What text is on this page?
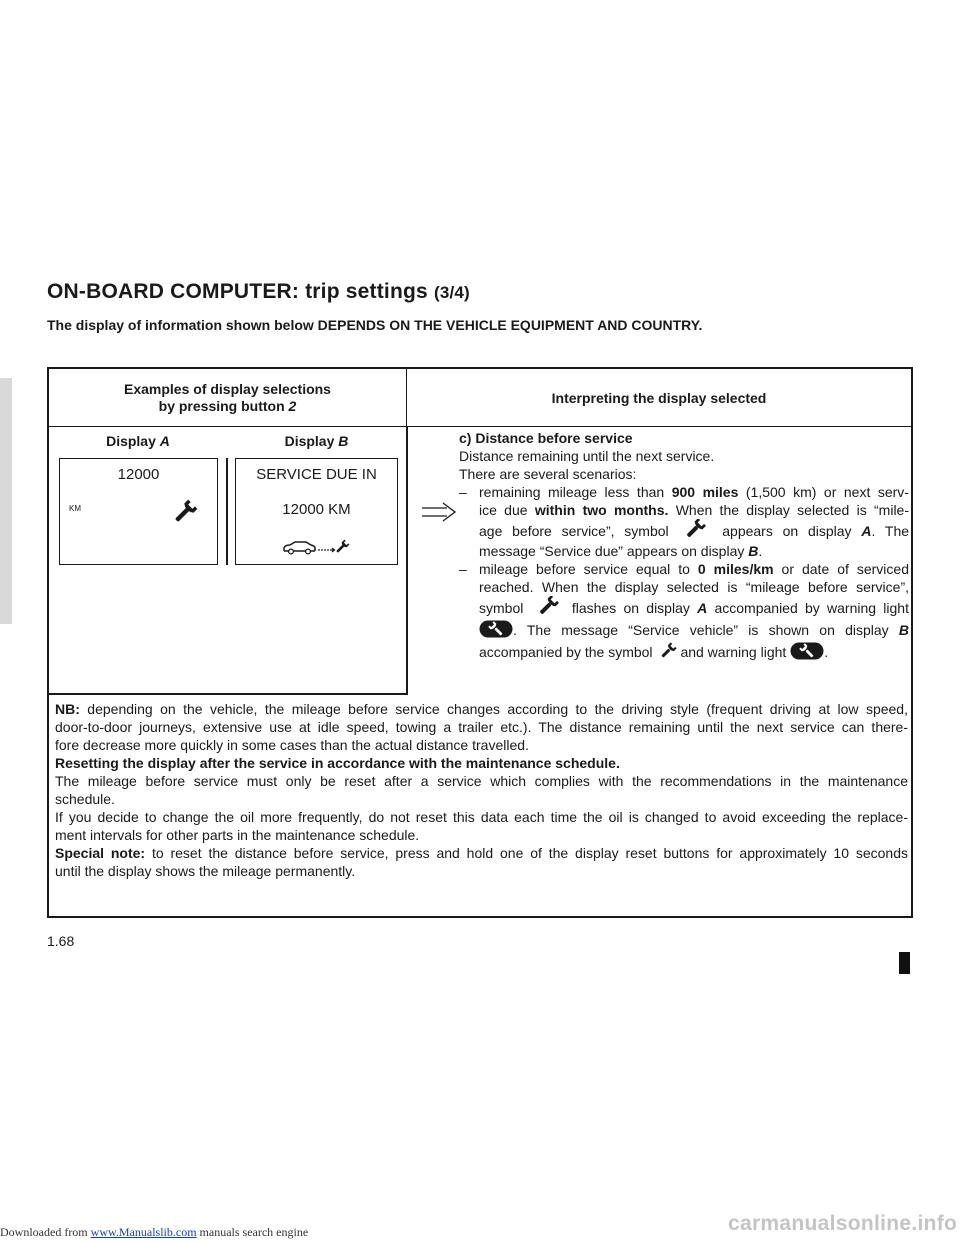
ON-BOARD COMPUTER: trip settings (3/4)

The display of information shown below DEPENDS ON THE VEHICLE EQUIPMENT AND COUNTRY.

Examples of display selections
by pressing button 2
Interpreting the display selected
Display A	Display B
12000
KM
SERVICE DUE IN
12000 KM

c) Distance before service

Distance remaining until the next service.

There are several scenarios:

– remaining mileage less than 900 miles (1,500 km) or next serv-

ice due within two months. When the display selected is “mile-

age before service”, symbol	appears on display A. The

message “Service due” appears on display B.

– mileage before service equal to 0 miles/km or date of serviced

reached. When the display selected is “mileage before service”,

symbol	flashes on display A accompanied by warning light

. The message “Service vehicle” is shown on display B

accompanied by the symbol and warning light	.

NB: depending on the vehicle, the mileage before service changes according to the driving style (frequent driving at low speed,

door-to-door journeys, extensive use at idle speed, towing a trailer etc.). The distance remaining until the next service can there-

fore decrease more quickly in some cases than the actual distance travelled.

Resetting the display after the service in accordance with the maintenance schedule.

The mileage before service must only be reset after a service which complies with the recommendations in the maintenance

schedule.

If you decide to change the oil more frequently, do not reset this data each time the oil is changed to avoid exceeding the replace-

ment intervals for other parts in the maintenance schedule.

Special note: to reset the distance before service, press and hold one of the display reset buttons for approximately 10 seconds

until the display shows the mileage permanently.

1.68
Downloaded from www.Manualslib.com manuals search engine	carmanualsonline.info
